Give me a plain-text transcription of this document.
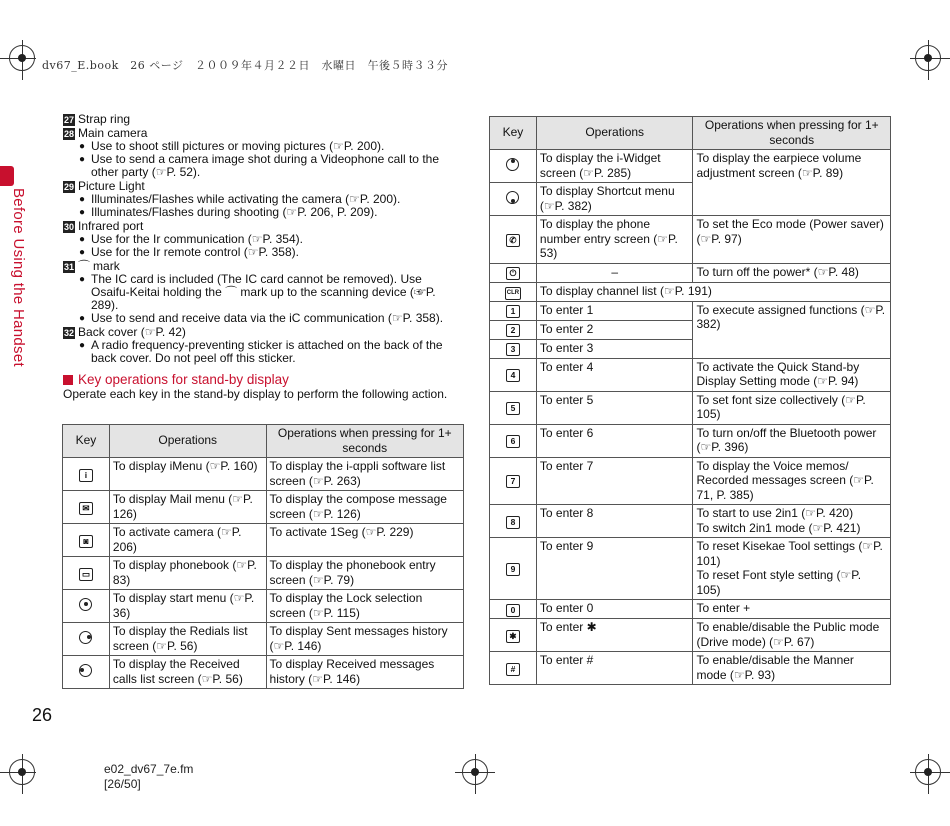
dv67_E.book　26 ページ　２００９年４月２２日　水曜日　午後５時３３分
Before Using the Handset
27 Strap ring
28 Main camera
● Use to shoot still pictures or moving pictures (☞P. 200).
● Use to send a camera image shot during a Videophone call to the other party (☞P. 52).
29 Picture Light
● Illuminates/Flashes while activating the camera (☞P. 200).
● Illuminates/Flashes during shooting (☞P. 206, P. 209).
30 Infrared port
● Use for the Ir communication (☞P. 354).
● Use for the Ir remote control (☞P. 358).
31 ⌒ mark
● The IC card is included (The IC card cannot be removed). Use Osaifu-Keitai holding the ⌒ mark up to the scanning device (☞P. 289).
● Use to send and receive data via the iC communication (☞P. 358).
32 Back cover (☞P. 42)
● A radio frequency-preventing sticker is attached on the back of the back cover. Do not peel off this sticker.
Key operations for stand-by display
Operate each key in the stand-by display to perform the following action.
Key	Operations	Operations when pressing for 1+ seconds
i	To display iMenu (☞P. 160)	To display the i-αppli software list screen (☞P. 263)
✉	To display Mail menu (☞P. 126)	To display the compose message screen (☞P. 126)
◙	To activate camera (☞P. 206)	To activate 1Seg (☞P. 229)
▭	To display phonebook (☞P. 83)	To display the phonebook entry screen (☞P. 79)
	To display start menu (☞P. 36)	To display the Lock selection screen (☞P. 115)
	To display the Redials list screen (☞P. 56)	To display Sent messages history (☞P. 146)
	To display the Received calls list screen (☞P. 56)	To display Received messages history (☞P. 146)
Key	Operations	Operations when pressing for 1+ seconds
	To display the i-Widget screen (☞P. 285)	To display the earpiece volume adjustment screen (☞P. 89)
	To display Shortcut menu (☞P. 382)	
✆	To display the phone number entry screen (☞P. 53)	To set the Eco mode (Power saver) (☞P. 97)
⏻	–	To turn off the power* (☞P. 48)
CLR	To display channel list (☞P. 191)	
1	To enter 1	To execute assigned functions (☞P. 382)
2	To enter 2	
3	To enter 3	
4	To enter 4	To activate the Quick Stand-by Display Setting mode (☞P. 94)
5	To enter 5	To set font size collectively (☞P. 105)
6	To enter 6	To turn on/off the Bluetooth power (☞P. 396)
7	To enter 7	To display the Voice memos/ Recorded messages screen (☞P. 71, P. 385)
8	To enter 8	To start to use 2in1 (☞P. 420)
To switch 2in1 mode (☞P. 421)

9	To enter 9	To reset Kisekae Tool settings (☞P. 101)
To reset Font style setting (☞P. 105)

0	To enter 0	To enter +
✱	To enter ✱	To enable/disable the Public mode (Drive mode) (☞P. 67)
#	To enter #	To enable/disable the Manner mode (☞P. 93)
26
e02_dv67_7e.fm
[26/50]
